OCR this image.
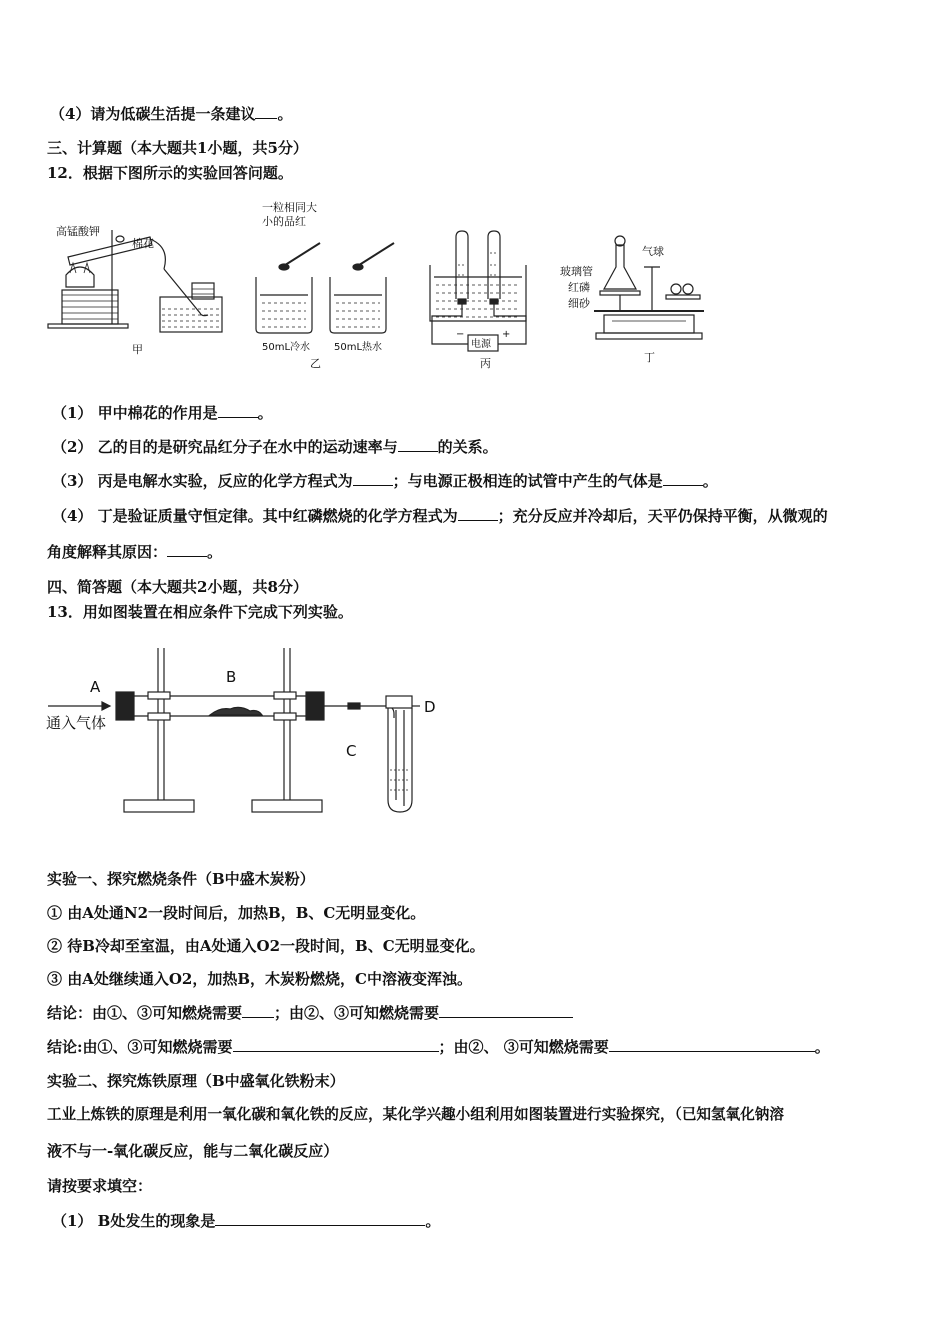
（4）请为低碳生活提一条建议 。
三、计算题（本大题共1小题，共5分）
12．根据下图所示的实验回答问题。
高锰酸钾
棉花
甲
一粒相同大
小的品红
50mL冷水 50mL热水
乙
电源
−	+
丙
气球
玻璃管
红磷
细砂
丁
（1） 甲中棉花的作用是	。
（2） 乙的目的是研究品红分子在水中的运动速率与	的关系。
（3） 丙是电解水实验，反应的化学方程式为	；与电源正极相连的试管中产生的气体是	。
（4） 丁是验证质量守恒定律。其中红磷燃烧的化学方程式为	；充分反应并冷却后，天平仍保持平衡，从微观的
角度解释其原因：	。
四、简答题（本大题共2小题，共8分）
13．用如图装置在相应条件下完成下列实验。
A
B
C
D
通入气体
实验一、探究燃烧条件（B中盛木炭粉）
① 由A处通N2一段时间后，加热B，B、C无明显变化。
② 待B冷却至室温，由A处通入O2一段时间，B、C无明显变化。
③ 由A处继续通入O2，加热B，木炭粉燃烧，C中溶液变浑浊。
结论：由①、③可知燃烧需要 ；由②、③可知燃烧需要
结论:由①、③可知燃烧需要	；由②、 ③可知燃烧需要	。
实验二、探究炼铁原理（B中盛氧化铁粉末）
工业上炼铁的原理是利用一氧化碳和氧化铁的反应，某化学兴趣小组利用如图装置进行实验探究，（已知氢氧化钠溶
液不与一-氧化碳反应，能与二氧化碳反应）
请按要求填空：
（1） B处发生的现象是	。
